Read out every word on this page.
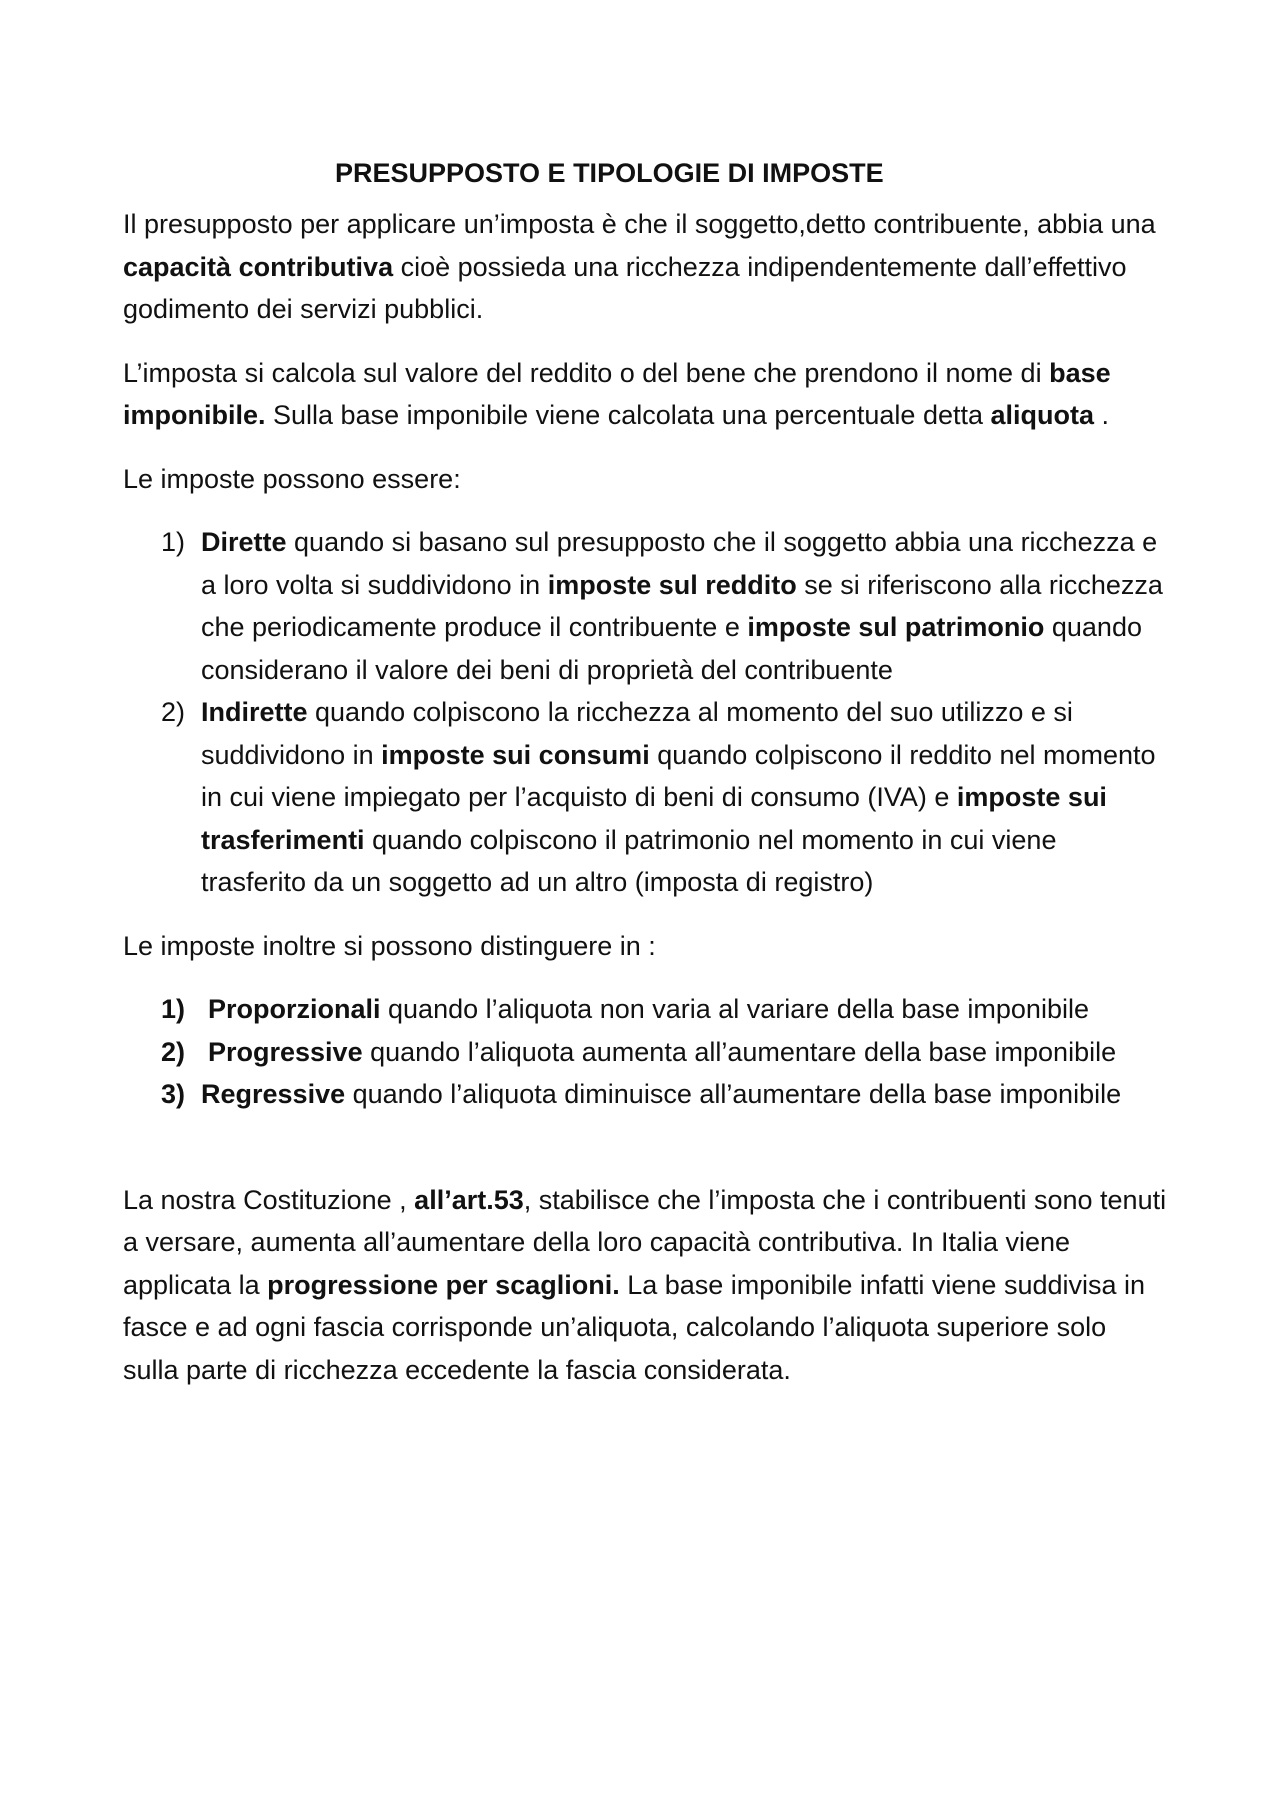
PRESUPPOSTO E TIPOLOGIE DI IMPOSTE

Il presupposto per applicare un’imposta è che il soggetto,detto contribuente, abbia una capacità contributiva cioè possieda una ricchezza indipendentemente dall’effettivo godimento dei servizi pubblici.

L’imposta si calcola sul valore del reddito o del bene che prendono il nome di base imponibile. Sulla base imponibile viene calcolata una percentuale detta aliquota .

Le imposte possono essere:

1) Dirette quando si basano sul presupposto che il soggetto abbia una ricchezza e a loro volta si suddividono in imposte sul reddito se si riferiscono alla ricchezza che periodicamente produce il contribuente e imposte sul patrimonio quando considerano il valore dei beni di proprietà del contribuente
2) Indirette quando colpiscono la ricchezza al momento del suo utilizzo e si suddividono in imposte sui consumi quando colpiscono il reddito nel momento in cui viene impiegato per l’acquisto di beni di consumo (IVA) e imposte sui trasferimenti quando colpiscono il patrimonio nel momento in cui viene trasferito da un soggetto ad un altro (imposta di registro)

Le imposte inoltre si possono distinguere in :

1) Proporzionali quando l’aliquota non varia al variare della base imponibile
2) Progressive quando l’aliquota aumenta all’aumentare della base imponibile
3) Regressive quando l’aliquota diminuisce all’aumentare della base imponibile

La nostra Costituzione , all’art.53, stabilisce che l’imposta che i contribuenti sono tenuti a versare, aumenta all’aumentare della loro capacità contributiva. In Italia viene applicata la progressione per scaglioni. La base imponibile infatti viene suddivisa in fasce e ad ogni fascia corrisponde un’aliquota, calcolando l’aliquota superiore solo sulla parte di ricchezza eccedente la fascia considerata.
